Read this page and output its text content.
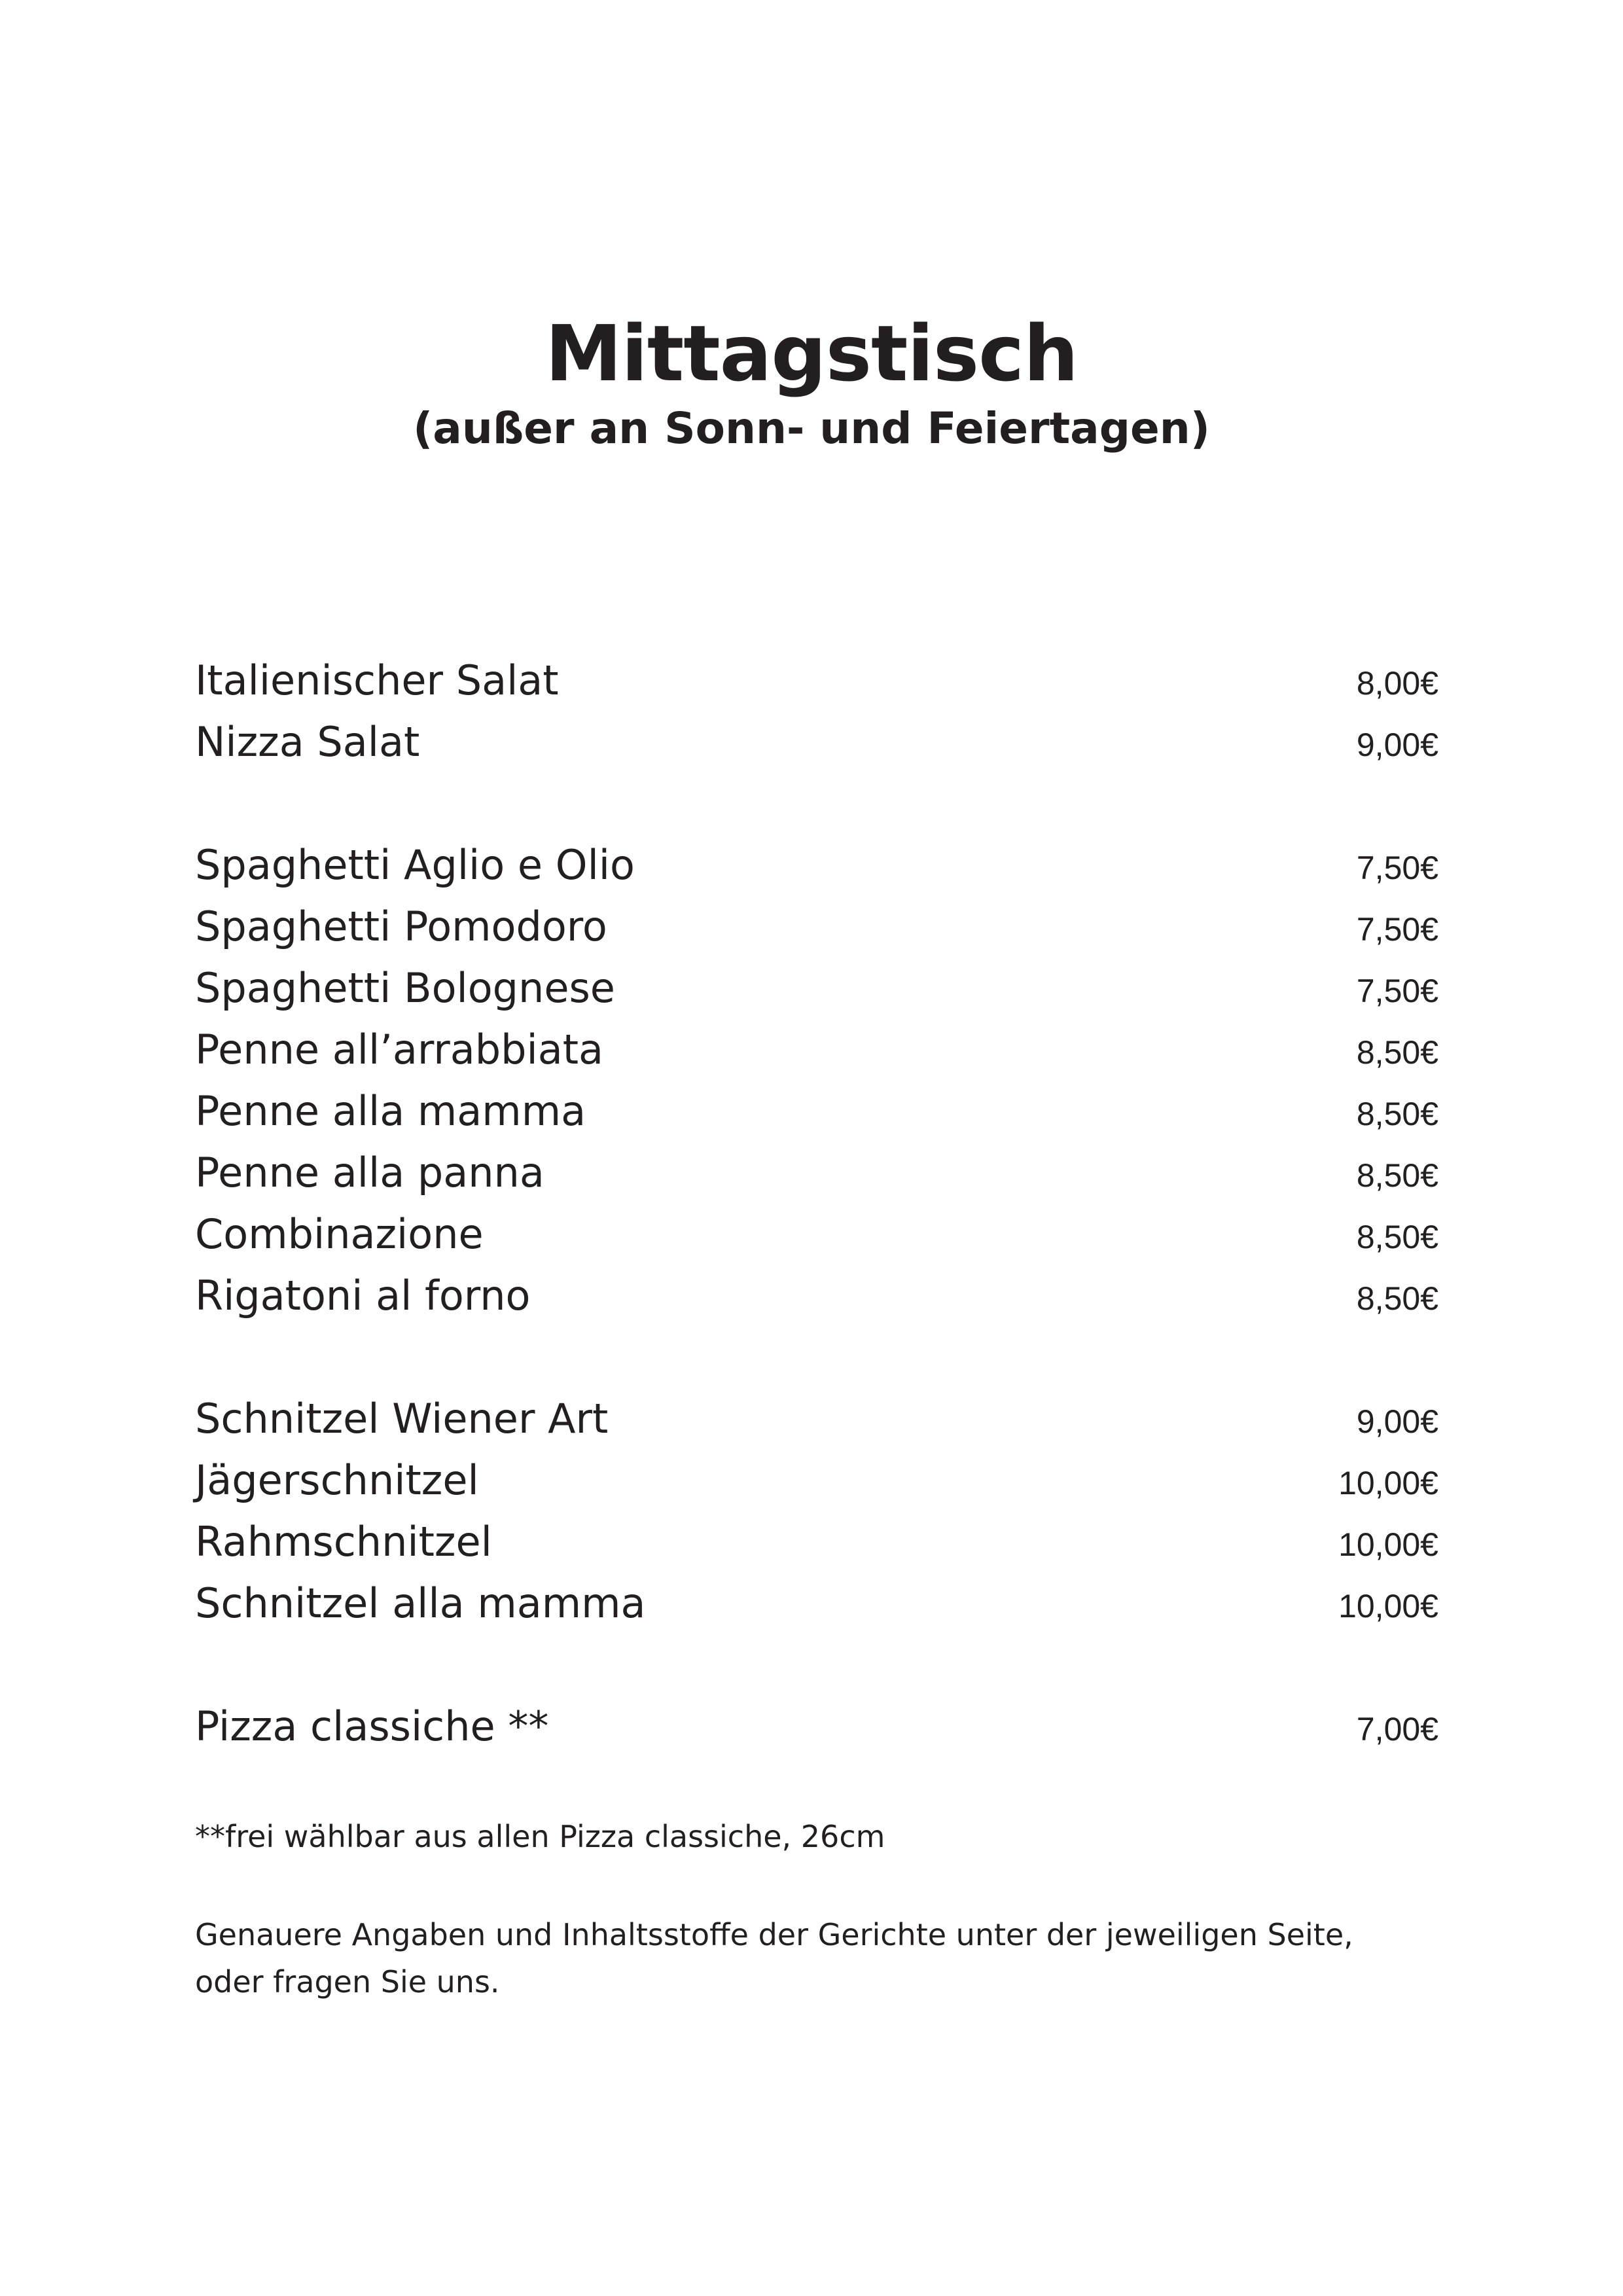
Mittagstisch

(außer an Sonn- und Feiertagen)

Italienischer Salat	8,00€
Nizza Salat	9,00€
Spaghetti Aglio e Olio	7,50€
Spaghetti Pomodoro	7,50€
Spaghetti Bolognese	7,50€
Penne all’arrabbiata	8,50€
Penne alla mamma	8,50€
Penne alla panna	8,50€
Combinazione	8,50€
Rigatoni al forno	8,50€
Schnitzel Wiener Art	9,00€
Jägerschnitzel	10,00€
Rahmschnitzel	10,00€
Schnitzel alla mamma	10,00€
Pizza classiche **	7,00€

**frei wählbar aus allen Pizza classiche, 26cm

Genauere Angaben und Inhaltsstoffe der Gerichte unter der jeweiligen Seite,

oder fragen Sie uns.
